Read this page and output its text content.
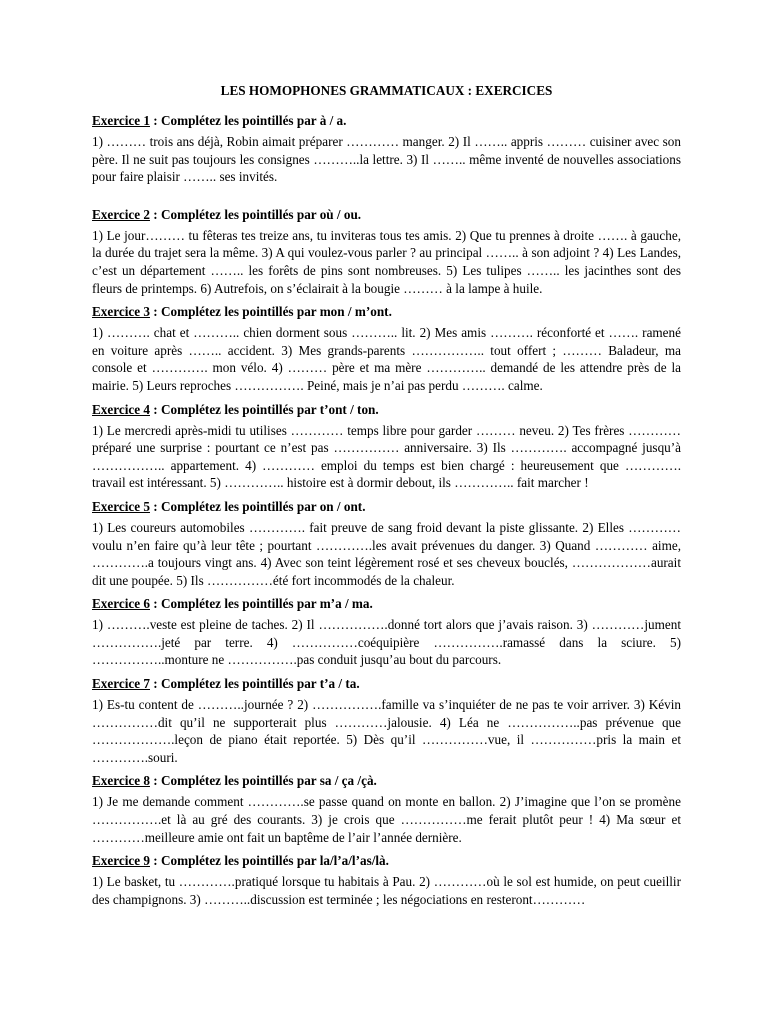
LES HOMOPHONES GRAMMATICAUX : EXERCICES

Exercice 1 : Complétez les pointillés par à / a.

1) ……… trois ans déjà, Robin aimait préparer ………… manger. 2) Il …….. appris ……… cuisiner avec son père. Il ne suit pas toujours les consignes ………..la lettre. 3) Il …….. même inventé de nouvelles associations pour faire plaisir …….. ses invités.

Exercice 2 : Complétez les pointillés par où / ou.

1) Le jour……… tu fêteras tes treize ans, tu inviteras tous tes amis. 2) Que tu prennes à droite ……. à gauche, la durée du trajet sera la même. 3) A qui voulez-vous parler ? au principal …….. à son adjoint ? 4) Les Landes, c’est un département …….. les forêts de pins sont nombreuses. 5) Les tulipes …….. les jacinthes sont des fleurs de printemps. 6) Autrefois, on s’éclairait à la bougie ……… à la lampe à huile.

Exercice 3 : Complétez les pointillés par mon / m’ont.

1) ………. chat et ……….. chien dorment sous ……….. lit. 2) Mes amis ………. réconforté et ……. ramené en voiture après …….. accident. 3) Mes grands-parents …………….. tout offert ; ……… Baladeur, ma console et …………. mon vélo. 4) ……… père et ma mère ………….. demandé de les attendre près de la mairie. 5) Leurs reproches ……………. Peiné, mais je n’ai pas perdu ………. calme.

Exercice 4 : Complétez les pointillés par t’ont / ton.

1) Le mercredi après-midi tu utilises ………… temps libre pour garder ……… neveu. 2) Tes frères ………… préparé une surprise : pourtant ce n’est pas …………… anniversaire. 3) Ils …………. accompagné jusqu’à …………….. appartement. 4) ………… emploi du temps est bien chargé : heureusement que …………. travail est intéressant. 5) ………….. histoire est à dormir debout, ils ………….. fait marcher !

Exercice 5 : Complétez les pointillés par on / ont.

1) Les coureurs automobiles …………. fait preuve de sang froid devant la piste glissante. 2) Elles …………voulu n’en faire qu’à leur tête ; pourtant ………….les avait prévenues du danger. 3) Quand ………… aime, ………….a toujours vingt ans. 4) Avec son teint légèrement rosé et ses cheveux bouclés, ………………aurait dit une poupée. 5) Ils ……………été fort incommodés de la chaleur.

Exercice 6 : Complétez les pointillés par m’a / ma.

1) ……….veste est pleine de taches. 2) Il …………….donné tort alors que j’avais raison. 3) …………jument …………….jeté par terre. 4) ……………coéquipière …………….ramassé dans la sciure. 5) ……………..monture ne …………….pas conduit jusqu’au bout du parcours.

Exercice 7 : Complétez les pointillés par t’a / ta.

1) Es-tu content de ………..journée ? 2) …………….famille va s’inquiéter de ne pas te voir arriver. 3) Kévin ……………dit qu’il ne supporterait plus …………jalousie. 4) Léa ne ……………..pas prévenue que ……………….leçon de piano était reportée. 5) Dès qu’il ……………vue, il ……………pris la main et ………….souri.

Exercice 8 : Complétez les pointillés par sa / ça /çà.

1) Je me demande comment ………….se passe quand on monte en ballon. 2) J’imagine que l’on se promène …………….et là au gré des courants. 3) je crois que ……………me ferait plutôt peur ! 4) Ma sœur et …………meilleure amie ont fait un baptême de l’air l’année dernière.

Exercice 9 : Complétez les pointillés par la/l’a/l’as/là.

1) Le basket, tu ………….pratiqué lorsque tu habitais à Pau. 2) …………où le sol est humide, on peut cueillir des champignons. 3) ………..discussion est terminée ; les négociations en resteront…………
